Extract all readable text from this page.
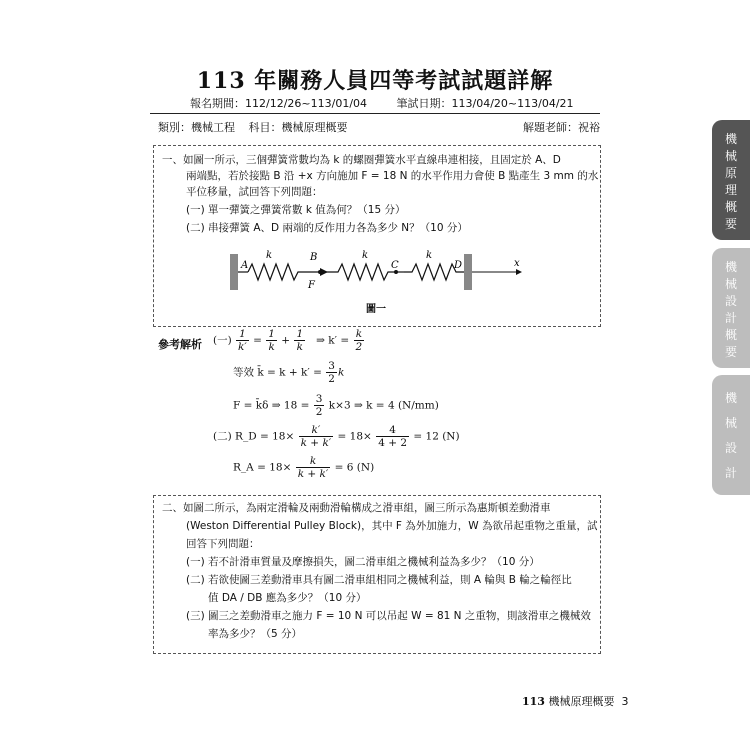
113 年關務人員四等考試試題詳解
報名期間：112/12/26~113/01/04	筆試日期：113/04/20~113/04/21
類別：機械工程 科目：機械原理概要	解題老師：祝裕
機
械
原
理
概
要
機
械
設
計
概
要
機
械
設
計
一、如圖一所示，三個彈簧常數均為 k 的螺圈彈簧水平直線串連相接，且固定於 A、D
兩端點，若於接點 B 沿 +x 方向施加 F = 18 N 的水平作用力會使 B 點產生 3 mm 的水
平位移量，試回答下列問題：
(一) 單一彈簧之彈簧常數 k 值為何？（15 分）
(二) 串接彈簧 A、D 兩端的反作用力各為多少 N？（10 分）
A
k	B
F
k
C
k
D	x
圖一
參考解析 (一) $\frac{1}{k'} = \frac{1}{k} + \frac{1}{k}$ ⇒ $k' = \frac{k}{2}$
等效 k̄ = $k + k' = \frac{3}{2}$ k
F = k̄δ ⇒ $18 = \frac{3}{2} k\times 3$ ⇒ k = 4 (N/mm)
(二) R_D = $18\times \frac{k'}{k + k'} = 18\times \frac{4}{4 + 2} = 12$ (N)
R_A = $18\times \frac{k}{k + k'} = 6$ (N)
二、如圖二所示，為兩定滑輪及兩動滑輪構成之滑車組，圖三所示為惠斯頓差動滑車
(Weston Differential Pulley Block)，其中 F 為外加施力，W 為欲吊起重物之重量，試
回答下列問題：
(一) 若不計滑車質量及摩擦損失，圖二滑車組之機械利益為多少？（10 分）
(二) 若欲使圖三差動滑車具有圖二滑車組相同之機械利益，則 A 輪與 B 輪之輪徑比
值 DA / DB 應為多少？（10 分）
(三) 圖三之差動滑車之施力 F = 10 N 可以吊起 W = 81 N 之重物，則該滑車之機械效
率為多少？（5 分）
113 機械原理概要 3
